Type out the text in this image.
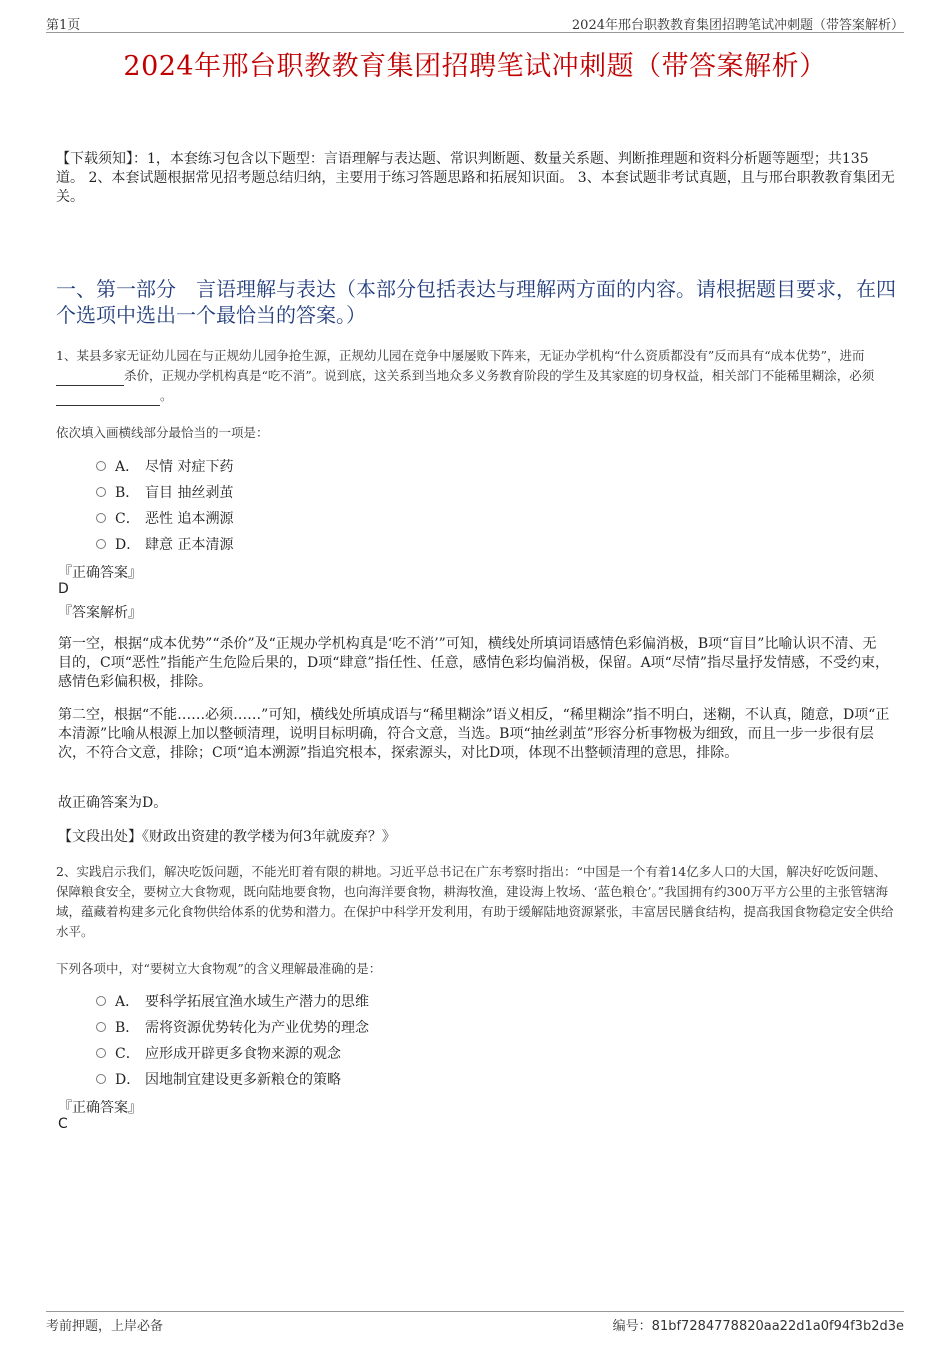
第1页	2024年邢台职教教育集团招聘笔试冲刺题（带答案解析）
2024年邢台职教教育集团招聘笔试冲刺题（带答案解析）
【下载须知】：1，本套练习包含以下题型：言语理解与表达题、常识判断题、数量关系题、判断推理题和资料分析题等题型；共135道。 2、本套试题根据常见招考题总结归纳，主要用于练习答题思路和拓展知识面。 3、本套试题非考试真题，且与邢台职教教育集团无关。
一、第一部分　言语理解与表达（本部分包括表达与理解两方面的内容。请根据题目要求，在四个选项中选出一个最恰当的答案。）
1、某县多家无证幼儿园在与正规幼儿园争抢生源，正规幼儿园在竞争中屡屡败下阵来，无证办学机构“什么资质都没有”反而具有“成本优势”，进而杀价，正规办学机构真是“吃不消”。说到底，这关系到当地众多义务教育阶段的学生及其家庭的切身权益，相关部门不能稀里糊涂，必须。
依次填入画横线部分最恰当的一项是：
A． 尽情 对症下药
B． 盲目 抽丝剥茧
C． 恶性 追本溯源
D． 肆意 正本清源
『正确答案』
D
『答案解析』
第一空，根据“成本优势”“杀价”及“正规办学机构真是‘吃不消’”可知，横线处所填词语感情色彩偏消极，B项“盲目”比喻认识不清、无目的，C项“恶性”指能产生危险后果的，D项“肆意”指任性、任意，感情色彩均偏消极，保留。A项“尽情”指尽量抒发情感，不受约束，感情色彩偏积极，排除。
第二空，根据“不能……必须……”可知，横线处所填成语与“稀里糊涂”语义相反，“稀里糊涂”指不明白，迷糊，不认真，随意，D项“正本清源”比喻从根源上加以整顿清理，说明目标明确，符合文意，当选。B项“抽丝剥茧”形容分析事物极为细致，而且一步一步很有层次，不符合文意，排除；C项“追本溯源”指追究根本，探索源头，对比D项，体现不出整顿清理的意思，排除。
故正确答案为D。
【文段出处】《财政出资建的教学楼为何3年就废弃？》
2、实践启示我们，解决吃饭问题，不能光盯着有限的耕地。习近平总书记在广东考察时指出：“中国是一个有着14亿多人口的大国，解决好吃饭问题、保障粮食安全，要树立大食物观，既向陆地要食物，也向海洋要食物，耕海牧渔，建设海上牧场、‘蓝色粮仓’。”我国拥有约300万平方公里的主张管辖海域，蕴藏着构建多元化食物供给体系的优势和潜力。在保护中科学开发利用，有助于缓解陆地资源紧张，丰富居民膳食结构，提高我国食物稳定安全供给水平。
下列各项中，对“要树立大食物观”的含义理解最准确的是：
A． 要科学拓展宜渔水域生产潜力的思维
B． 需将资源优势转化为产业优势的理念
C． 应形成开辟更多食物来源的观念
D． 因地制宜建设更多新粮仓的策略
『正确答案』
C
考前押题，上岸必备	编号：81bf7284778820aa22d1a0f94f3b2d3e
